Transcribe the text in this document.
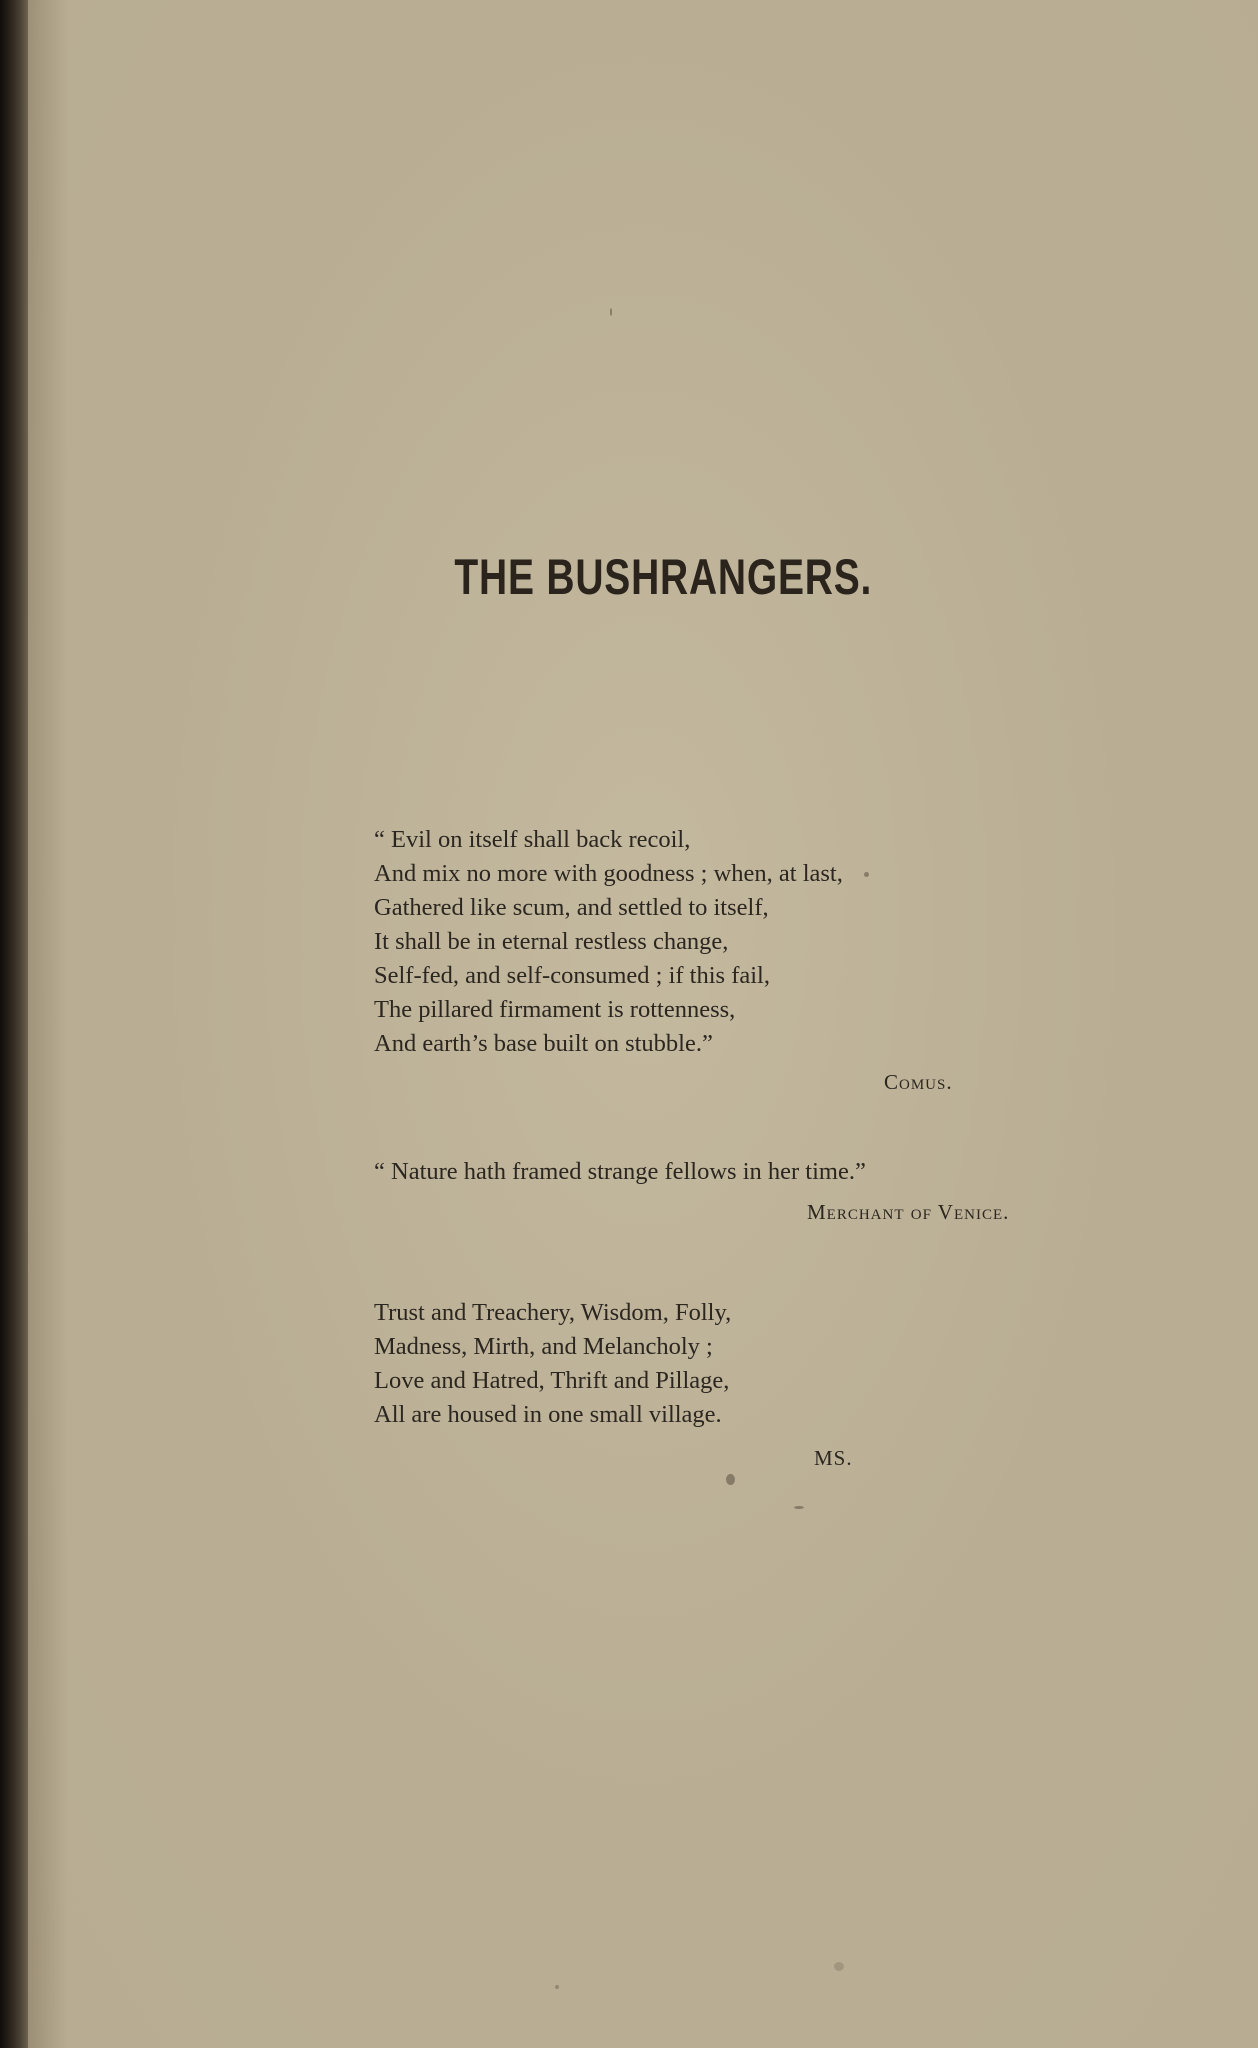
THE BUSHRANGERS.
“ Evil on itself shall back recoil,
And mix no more with goodness ; when, at last,
Gathered like scum, and settled to itself,
It shall be in eternal restless change,
Self-fed, and self-consumed ; if this fail,
The pillared firmament is rottenness,
And earth’s base built on stubble.”
Comus.
“ Nature hath framed strange fellows in her time.”
Merchant of Venice.
Trust and Treachery, Wisdom, Folly,
Madness, Mirth, and Melancholy ;
Love and Hatred, Thrift and Pillage,
All are housed in one small village.
MS.
